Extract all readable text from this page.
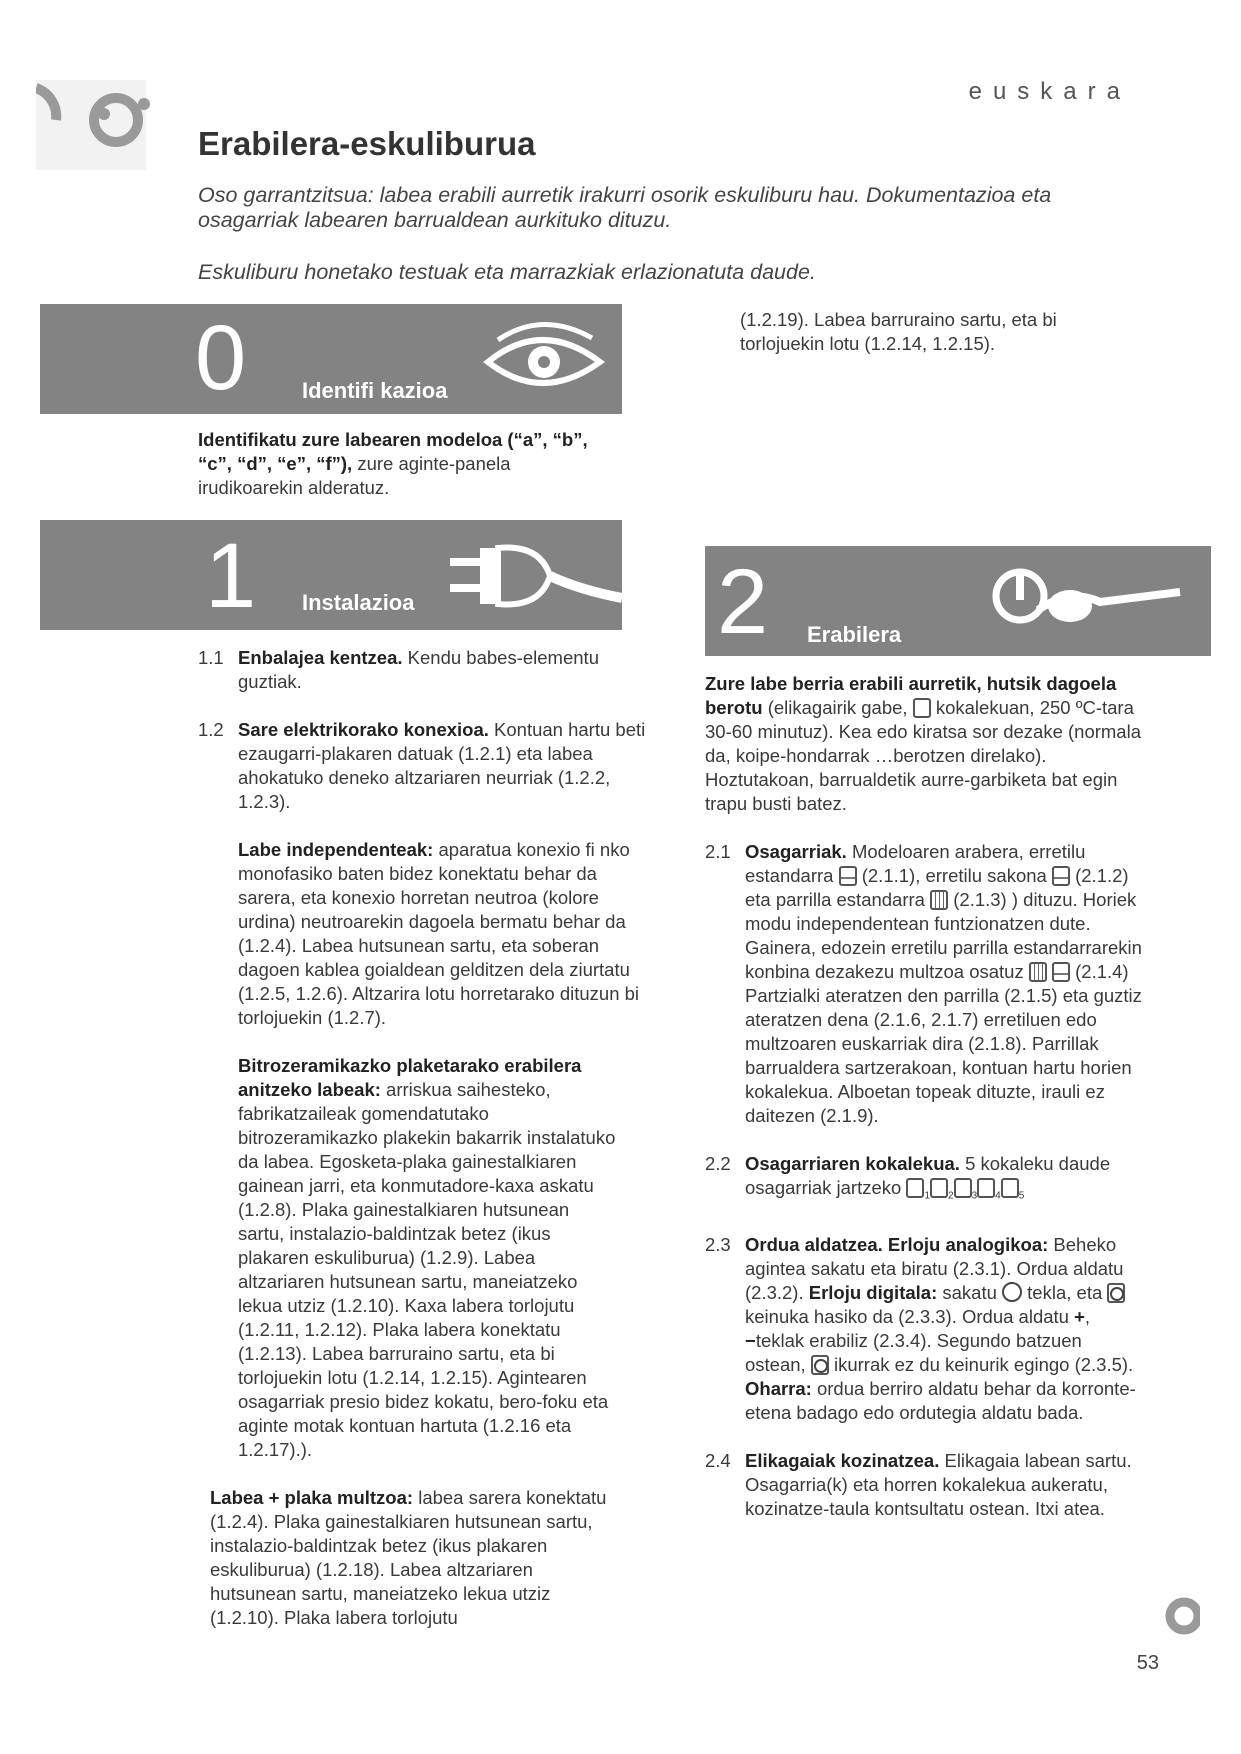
euskara
Erabilera-eskuliburua
Oso garrantzitsua: labea erabili aurretik irakurri osorik eskuliburu hau. Dokumentazioa eta osagarriak labearen barrualdean aurkituko dituzu.
Eskuliburu honetako testuak eta marrazkiak erlazionatuta daude.
0	Identifi kazioa

Identifikatu zure labearen modeloa (“a”, “b”, “c”, “d”, “e”, “f”), zure aginte-panela irudikoarekin alderatuz.

1 Instalazioa

1.1 Enbalajea kentzea. Kendu babes-elementu guztiak.

1.2 Sare elektrikorako konexioa. Kontuan hartu beti ezaugarri-plakaren datuak (1.2.1) eta labea ahokatuko deneko altzariaren neurriak (1.2.2, 1.2.3).

Labe independenteak: aparatua konexio fi nko monofasiko baten bidez konektatu behar da sarera, eta konexio horretan neutroa (kolore urdina) neutroarekin dagoela bermatu behar da (1.2.4). Labea hutsunean sartu, eta soberan dagoen kablea goialdean gelditzen dela ziurtatu (1.2.5, 1.2.6). Altzarira lotu horretarako dituzun bi torlojuekin (1.2.7).

Bitrozeramikazko plaketarako erabilera anitzeko labeak: arriskua saihesteko, fabrikatzaileak gomendatutako bitrozeramikazko plakekin bakarrik instalatuko da labea. Egosketa-plaka gainestalkiaren gainean jarri, eta konmutadore-kaxa askatu (1.2.8). Plaka gainestalkiaren hutsunean sartu, instalazio-baldintzak betez (ikus plakaren eskuliburua) (1.2.9). Labea altzariaren hutsunean sartu, maneiatzeko lekua utziz (1.2.10). Kaxa labera torlojutu (1.2.11, 1.2.12). Plaka labera konektatu (1.2.13). Labea barruraino sartu, eta bi torlojuekin lotu (1.2.14, 1.2.15). Agintearen osagarriak presio bidez kokatu, bero-foku eta aginte motak kontuan hartuta (1.2.16 eta 1.2.17).).

Labea + plaka multzoa: labea sarera konektatu (1.2.4). Plaka gainestalkiaren hutsunean sartu, instalazio-baldintzak betez (ikus plakaren eskuliburua) (1.2.18). Labea altzariaren hutsunean sartu, maneiatzeko lekua utziz (1.2.10). Plaka labera torlojutu

(1.2.19). Labea barruraino sartu, eta bi torlojuekin lotu (1.2.14, 1.2.15).

2 Erabilera

Zure labe berria erabili aurretik, hutsik dagoela berotu (elikagairik gabe,  kokalekuan, 250 ºC-tara 30-60 minutuz). Kea edo kiratsa sor dezake (normala da, koipe-hondarrak …berotzen direlako). Hoztutakoan, barrualdetik aurre-garbiketa bat egin trapu busti batez.

2.1 Osagarriak. Modeloaren arabera, erretilu estandarra  (2.1.1), erretilu sakona  (2.1.2) eta parrilla estandarra  (2.1.3) ) dituzu. Horiek modu independentean funtzionatzen dute. Gainera, edozein erretilu parrilla estandarrarekin konbina dezakezu multzoa osatuz   (2.1.4) Partzialki ateratzen den parrilla (2.1.5) eta guztiz ateratzen dena (2.1.6, 2.1.7) erretiluen edo multzoaren euskarriak dira (2.1.8). Parrillak barrualdera sartzerakoan, kontuan hartu horien kokalekua. Alboetan topeak dituzte, irauli ez daitezen (2.1.9).

2.2 Osagarriaren kokalekua. 5 kokaleku daude osagarriak jartzeko $_1$ $_2$ $_3$ $_4$ $_5$

2.3 Ordua aldatzea. Erloju analogikoa: Beheko agintea sakatu eta biratu (2.3.1). Ordua aldatu (2.3.2). Erloju digitala: sakatu  tekla, eta
keinuka hasiko da (2.3.3). Ordua aldatu +, −teklak erabiliz (2.3.4). Segundo batzuen ostean,
ikurrak ez du keinurik egingo (2.3.5).

Oharra: ordua berriro aldatu behar da korronte-etena badago edo ordutegia aldatu bada.

2.4 Elikagaiak kozinatzea. Elikagaia labean sartu. Osagarria(k) eta horren kokalekua aukeratu, kozinatze-taula kontsultatu ostean. Itxi atea.

53
